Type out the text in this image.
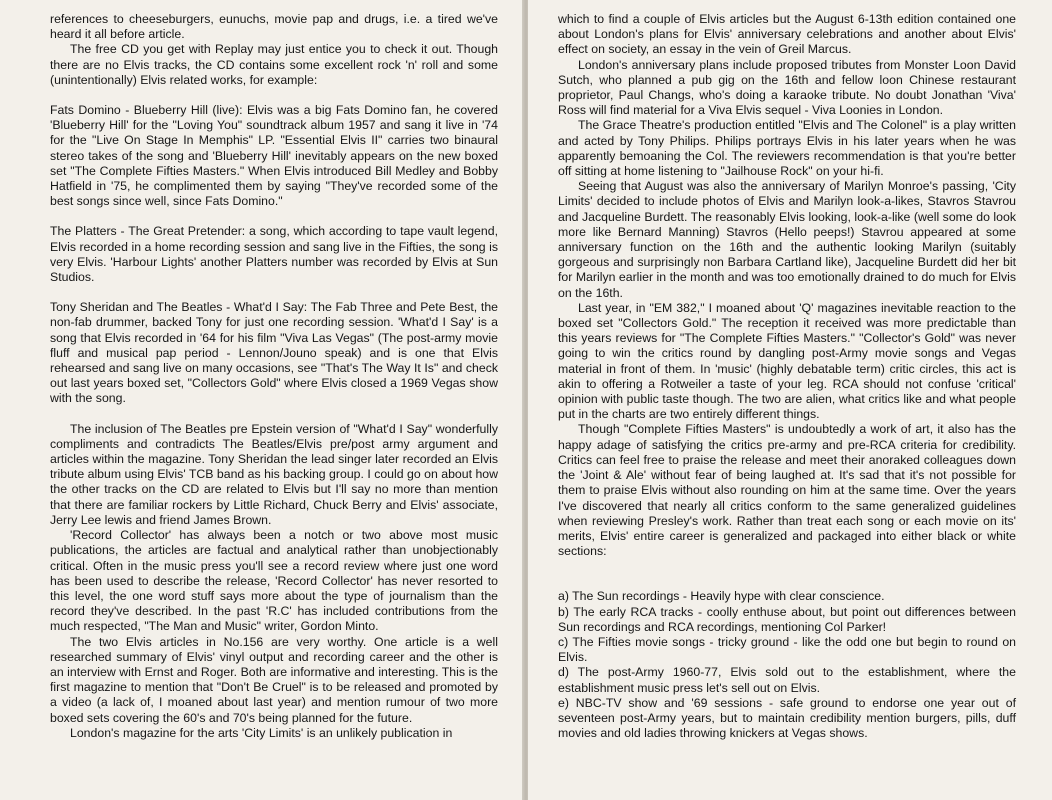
references to cheeseburgers, eunuchs, movie pap and drugs, i.e. a tired we've heard it all before article.

The free CD you get with Replay may just entice you to check it out. Though there are no Elvis tracks, the CD contains some excellent rock 'n' roll and some (unintentionally) Elvis related works, for example:

Fats Domino - Blueberry Hill (live): Elvis was a big Fats Domino fan, he covered 'Blueberry Hill' for the "Loving You" soundtrack album 1957 and sang it live in '74 for the "Live On Stage In Memphis" LP. "Essential Elvis II" carries two binaural stereo takes of the song and 'Blueberry Hill' inevitably appears on the new boxed set "The Complete Fifties Masters." When Elvis introduced Bill Medley and Bobby Hatfield in '75, he complimented them by saying "They've recorded some of the best songs since well, since Fats Domino."

The Platters - The Great Pretender: a song, which according to tape vault legend, Elvis recorded in a home recording session and sang live in the Fifties, the song is very Elvis. 'Harbour Lights' another Platters number was recorded by Elvis at Sun Studios.

Tony Sheridan and The Beatles - What'd I Say: The Fab Three and Pete Best, the non-fab drummer, backed Tony for just one recording session. 'What'd I Say' is a song that Elvis recorded in '64 for his film "Viva Las Vegas" (The post-army movie fluff and musical pap period - Lennon/Jouno speak) and is one that Elvis rehearsed and sang live on many occasions, see "That's The Way It Is" and check out last years boxed set, "Collectors Gold" where Elvis closed a 1969 Vegas show with the song.

The inclusion of The Beatles pre Epstein version of "What'd I Say" wonderfully compliments and contradicts The Beatles/Elvis pre/post army argument and articles within the magazine. Tony Sheridan the lead singer later recorded an Elvis tribute album using Elvis' TCB band as his backing group. I could go on about how the other tracks on the CD are related to Elvis but I'll say no more than mention that there are familiar rockers by Little Richard, Chuck Berry and Elvis' associate, Jerry Lee lewis and friend James Brown.

'Record Collector' has always been a notch or two above most music publications, the articles are factual and analytical rather than unobjectionably critical. Often in the music press you'll see a record review where just one word has been used to describe the release, 'Record Collector' has never resorted to this level, the one word stuff says more about the type of journalism than the record they've described. In the past 'R.C' has included contributions from the much respected, "The Man and Music" writer, Gordon Minto.

The two Elvis articles in No.156 are very worthy. One article is a well researched summary of Elvis' vinyl output and recording career and the other is an interview with Ernst and Roger. Both are informative and interesting. This is the first magazine to mention that "Don't Be Cruel" is to be released and promoted by a video (a lack of, I moaned about last year) and mention rumour of two more boxed sets covering the 60's and 70's being planned for the future.

London's magazine for the arts 'City Limits' is an unlikely publication in

which to find a couple of Elvis articles but the August 6-13th edition contained one about London's plans for Elvis' anniversary celebrations and another about Elvis' effect on society, an essay in the vein of Greil Marcus.

London's anniversary plans include proposed tributes from Monster Loon David Sutch, who planned a pub gig on the 16th and fellow loon Chinese restaurant proprietor, Paul Changs, who's doing a karaoke tribute. No doubt Jonathan 'Viva' Ross will find material for a Viva Elvis sequel - Viva Loonies in London.

The Grace Theatre's production entitled "Elvis and The Colonel" is a play written and acted by Tony Philips. Philips portrays Elvis in his later years when he was apparently bemoaning the Col. The reviewers recommendation is that you're better off sitting at home listening to "Jailhouse Rock" on your hi-fi.

Seeing that August was also the anniversary of Marilyn Monroe's passing, 'City Limits' decided to include photos of Elvis and Marilyn look-a-likes, Stavros Stavrou and Jacqueline Burdett. The reasonably Elvis looking, look-a-like (well some do look more like Bernard Manning) Stavros (Hello peeps!) Stavrou appeared at some anniversary function on the 16th and the authentic looking Marilyn (suitably gorgeous and surprisingly non Barbara Cartland like), Jacqueline Burdett did her bit for Marilyn earlier in the month and was too emotionally drained to do much for Elvis on the 16th.

Last year, in "EM 382," I moaned about 'Q' magazines inevitable reaction to the boxed set "Collectors Gold." The reception it received was more predictable than this years reviews for "The Complete Fifties Masters." "Collector's Gold" was never going to win the critics round by dangling post-Army movie songs and Vegas material in front of them. In 'music' (highly debatable term) critic circles, this act is akin to offering a Rotweiler a taste of your leg. RCA should not confuse 'critical' opinion with public taste though. The two are alien, what critics like and what people put in the charts are two entirely different things.

Though "Complete Fifties Masters" is undoubtedly a work of art, it also has the happy adage of satisfying the critics pre-army and pre-RCA criteria for credibility. Critics can feel free to praise the release and meet their anoraked colleagues down the 'Joint & Ale' without fear of being laughed at. It's sad that it's not possible for them to praise Elvis without also rounding on him at the same time. Over the years I've discovered that nearly all critics conform to the same generalized guidelines when reviewing Presley's work. Rather than treat each song or each movie on its' merits, Elvis' entire career is generalized and packaged into either black or white sections:

a) The Sun recordings - Heavily hype with clear conscience.

b) The early RCA tracks - coolly enthuse about, but point out differences between Sun recordings and RCA recordings, mentioning Col Parker!

c) The Fifties movie songs - tricky ground - like the odd one but begin to round on Elvis.

d) The post-Army 1960-77, Elvis sold out to the establishment, where the establishment music press let's sell out on Elvis.

e) NBC-TV show and '69 sessions - safe ground to endorse one year out of seventeen post-Army years, but to maintain credibility mention burgers, pills, duff movies and old ladies throwing knickers at Vegas shows.
